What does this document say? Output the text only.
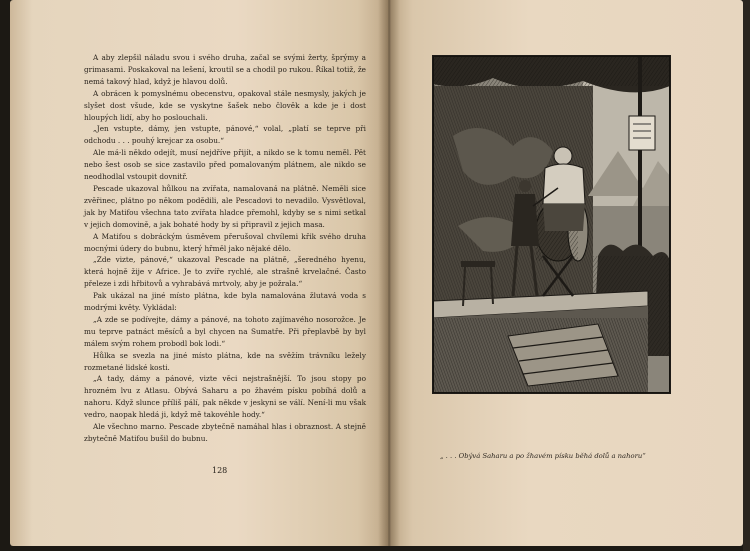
A aby zlepšil náladu svou i svého druha, začal se svými žerty, šprýmy a grimasami. Poskakoval na lešení, kroutil se a chodil po rukou. Říkal totiž, že nemá takový hlad, když je hlavou dolů.

A obrácen k pomyslnému obecenstvu, opakoval stále nesmysly, jakých je slyšet dost všude, kde se vyskytne šašek nebo člověk a kde je i dost hloupých lidí, aby ho poslouchali.

„Jen vstupte, dámy, jen vstupte, pánové,“ volal, „platí se teprve při odchodu . . . pouhý krejcar za osobu.“

Ale má-li někdo odejít, musí nejdříve přijít, a nikdo se k tomu neměl. Pět nebo šest osob se sice zastavilo před pomalovaným plátnem, ale nikdo se neodhodlal vstoupit dovnitř.

Pescade ukazoval hůlkou na zvířata, namalovaná na plátně. Neměli sice zvěřinec, plátno po někom podědili, ale Pescadovi to nevadilo. Vysvětloval, jak by Matifou všechna tato zvířata hladce přemohl, kdyby se s nimi setkal v jejich domovině, a jak bohaté hody by si připravil z jejich masa.

A Matifou s dobráckým úsměvem přerušoval chvílemi křik svého druha mocnými údery do bubnu, který hřměl jako nějaké dělo.

„Zde vizte, pánové,“ ukazoval Pescade na plátně, „šeredného hyenu, která hojně žije v Africe. Je to zvíře rychlé, ale strašně krvelačné. Často přeleze i zdi hřbitovů a vyhrabává mrtvoly, aby je požrala.“

Pak ukázal na jiné místo plátna, kde byla namalována žlutavá voda s modrými květy. Vykládal:

„A zde se podívejte, dámy a pánové, na tohoto zajímavého nosorožce. Je mu teprve patnáct měsíců a byl chycen na Sumatře. Při přeplavbě by byl málem svým rohem probodl bok lodi.“

Hůlka se svezla na jiné místo plátna, kde na svěžím trávníku ležely rozmetané lidské kosti.

„A tady, dámy a pánové, vizte věci nejstrašnější. To jsou stopy po hrozném lvu z Atlasu. Obývá Saharu a po žhavém písku pobíhá dolů a nahoru. Když slunce příliš pálí, pak někde v jeskyni se válí. Není-li mu však vedro, naopak hledá ji, když mě takovéhle hody.“

Ale všechno marno. Pescade zbytečně namáhal hlas i obraznost. A stejně zbytečně Matifou bušil do bubnu.

128
„ . . . Obývá Saharu a po žhavém písku běhá dolů a nahoru“
